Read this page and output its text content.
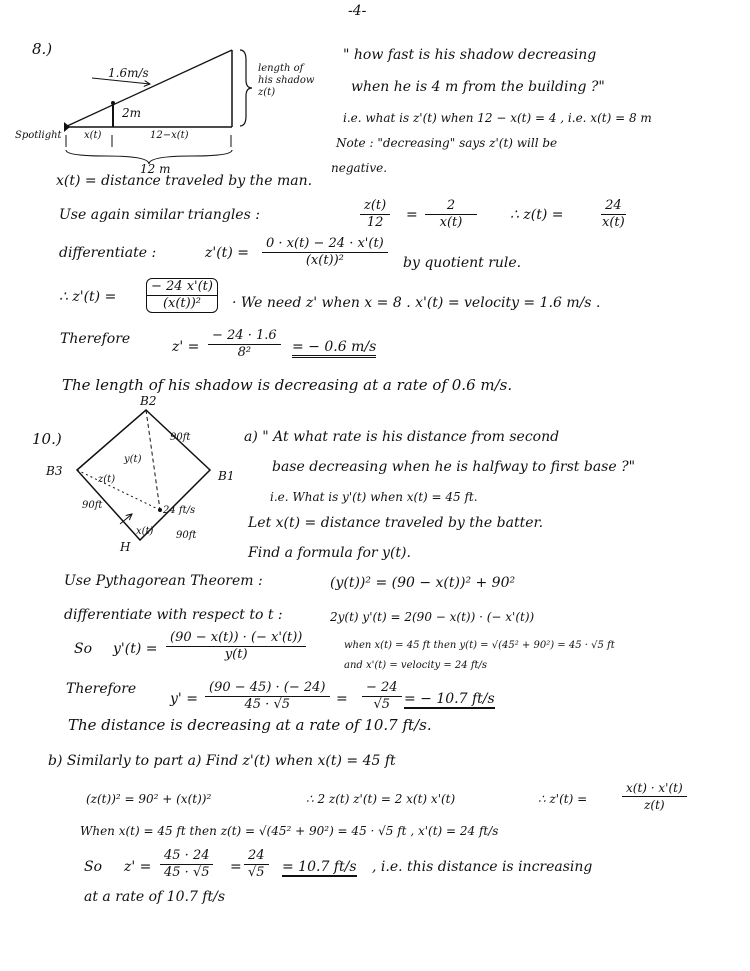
-4-
8.)
1.6m/s
2m
Spotlight x(t)	12−x(t)
12 m
length of
his shadow
z(t)
" how fast is his shadow decreasing
when he is 4 m from the building ?"
i.e. what is z'(t) when 12 − x(t) = 4 , i.e. x(t) = 8 m
Note : "decreasing" says z'(t) will be
negative.
x(t) = distance traveled by the man.
Use again similar triangles :	$\frac{z(t)}{12} = \frac{2}{x(t)}$ ∴ z(t) =	$\frac{24}{x(t)}$
differentiate :	$z'(t) = \frac{0 \cdot x(t) - 24 \cdot x'(t)}{\text{(x(t))²}}$ by quotient rule.
∴ $z'(t) = \frac{- 24 x'(t)}{\text{(x(t))²}} \cdot We$ need z' when x = 8 . x'(t) = velocity = 1.6 m/s .
Therefore	$z' = \frac{- 24 \cdot 1.6}{\text{8²}}$ = − 0.6 m/s
The length of his shadow is decreasing at a rate of 0.6 m/s.
10.)
B2
B3	B1
H
90ft
90ft
90ft
y(t)
z(t)
x(t)
24 ft/s
a) " At what rate is his distance from second
base decreasing when he is halfway to first base ?"
i.e. What is y'(t) when x(t) = 45 ft.
Let x(t) = distance traveled by the batter.
Find a formula for y(t).
Use Pythagorean Theorem :	(y(t))² = (90 − x(t))² + 90²
differentiate with respect to t :	2y(t) y'(t) = 2(90 − x(t)) · (− x'(t))
So $y'(t) = \frac{(90 - x(t)) \cdot (- x'(t))}{y(t)}$	when x(t) = 45 ft then y(t) = √(45² + 90²) = 45 · √5 ft
and x'(t) = velocity = 24 ft/s
Therefore
$y' = \frac{(90 - 45) \cdot (- 24)}{45 \cdot √5} = \frac{- 24}{√5}$ = − 10.7 ft/s
The distance is decreasing at a rate of 10.7 ft/s.
b) Similarly to part a) Find z'(t) when x(t) = 45 ft
(z(t))² = 90² + (x(t))²	∴ 2 z(t) z'(t) = 2 x(t) x'(t)	∴ z'(t) =	$\frac{x(t) \cdot x'(t)}{z(t)}$
When x(t) = 45 ft then z(t) = √(45² + 90²) = 45 · √5 ft , x'(t) = 24 ft/s
So $z' = \frac{45 \cdot 24}{45 \cdot √5} = \frac{24}{√5} = 10.7$ ft/s , i.e. this distance is increasing
at a rate of 10.7 ft/s
